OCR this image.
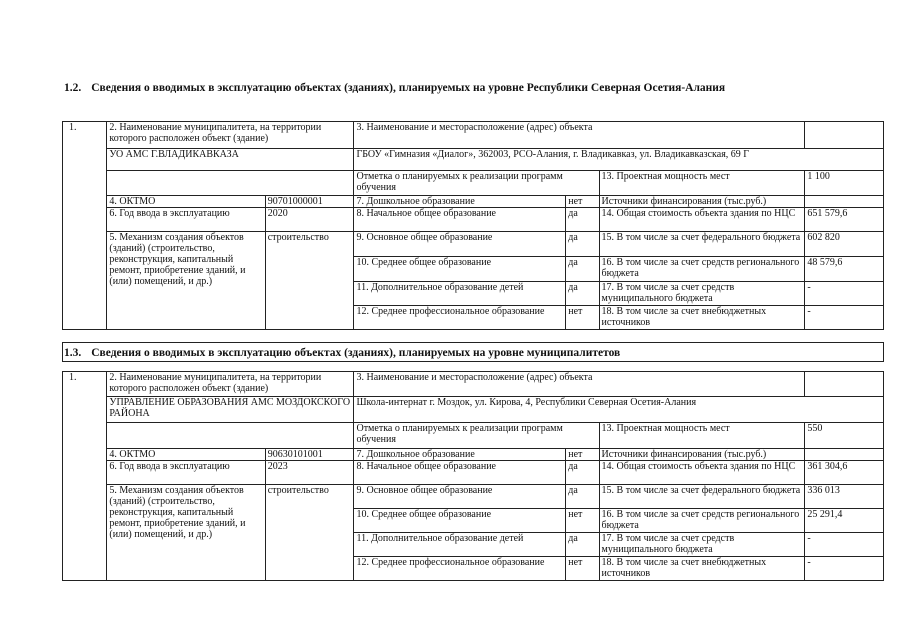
1.2. Сведения о вводимых в эксплуатацию объектах (зданиях), планируемых на уровне Республики Северная Осетия-Алания
1.	2. Наименование муниципалитета, на территории которого расположен объект (здание)		3. Наименование и месторасположение (адрес) объекта			
	УО АМС Г.ВЛАДИКАВКАЗА		ГБОУ «Гимназия «Диалог», 362003, РСО-Алания, г. Владикавказ, ул. Владикавказская, 69 Г			
			Отметка о планируемых к реализации программ обучения		13. Проектная мощность мест	1 100
	4. ОКТМО	90701000001	7. Дошкольное образование	нет	Источники финансирования (тыс.руб.)	
	6. Год ввода в эксплуатацию	2020	8. Начальное общее образование	да	14. Общая стоимость объекта здания по НЦС	651 579,6
	5. Механизм создания объектов (зданий) (строительство, реконструкция, капитальный ремонт, приобретение зданий, и (или) помещений, и др.)	строительство	9. Основное общее образование	да	15. В том числе за счет федерального бюджета	602 820
			10. Среднее общее образование	да	16. В том числе за счет средств регионального бюджета	48 579,6
			11. Дополнительное образование детей	да	17. В том числе за счет средств муниципального бюджета	-
			12. Среднее профессиональное образование	нет	18. В том числе за счет внебюджетных источников	-
1.3. Сведения о вводимых в эксплуатацию объектах (зданиях), планируемых на уровне муниципалитетов
1.	2. Наименование муниципалитета, на территории которого расположен объект (здание)		3. Наименование и месторасположение (адрес) объекта			
	УПРАВЛЕНИЕ ОБРАЗОВАНИЯ АМС МОЗДОКСКОГО РАЙОНА		Школа-интернат г. Моздок, ул. Кирова, 4, Республики Северная Осетия-Алания			
			Отметка о планируемых к реализации программ обучения		13. Проектная мощность мест	550
	4. ОКТМО	90630101001	7. Дошкольное образование	нет	Источники финансирования (тыс.руб.)	
	6. Год ввода в эксплуатацию	2023	8. Начальное общее образование	да	14. Общая стоимость объекта здания по НЦС	361 304,6
	5. Механизм создания объектов (зданий) (строительство, реконструкция, капитальный ремонт, приобретение зданий, и (или) помещений, и др.)	строительство	9. Основное общее образование	да	15. В том числе за счет федерального бюджета	336 013
			10. Среднее общее образование	нет	16. В том числе за счет средств регионального бюджета	25 291,4
			11. Дополнительное образование детей	да	17. В том числе за счет средств муниципального бюджета	-
			12. Среднее профессиональное образование	нет	18. В том числе за счет внебюджетных источников	-
